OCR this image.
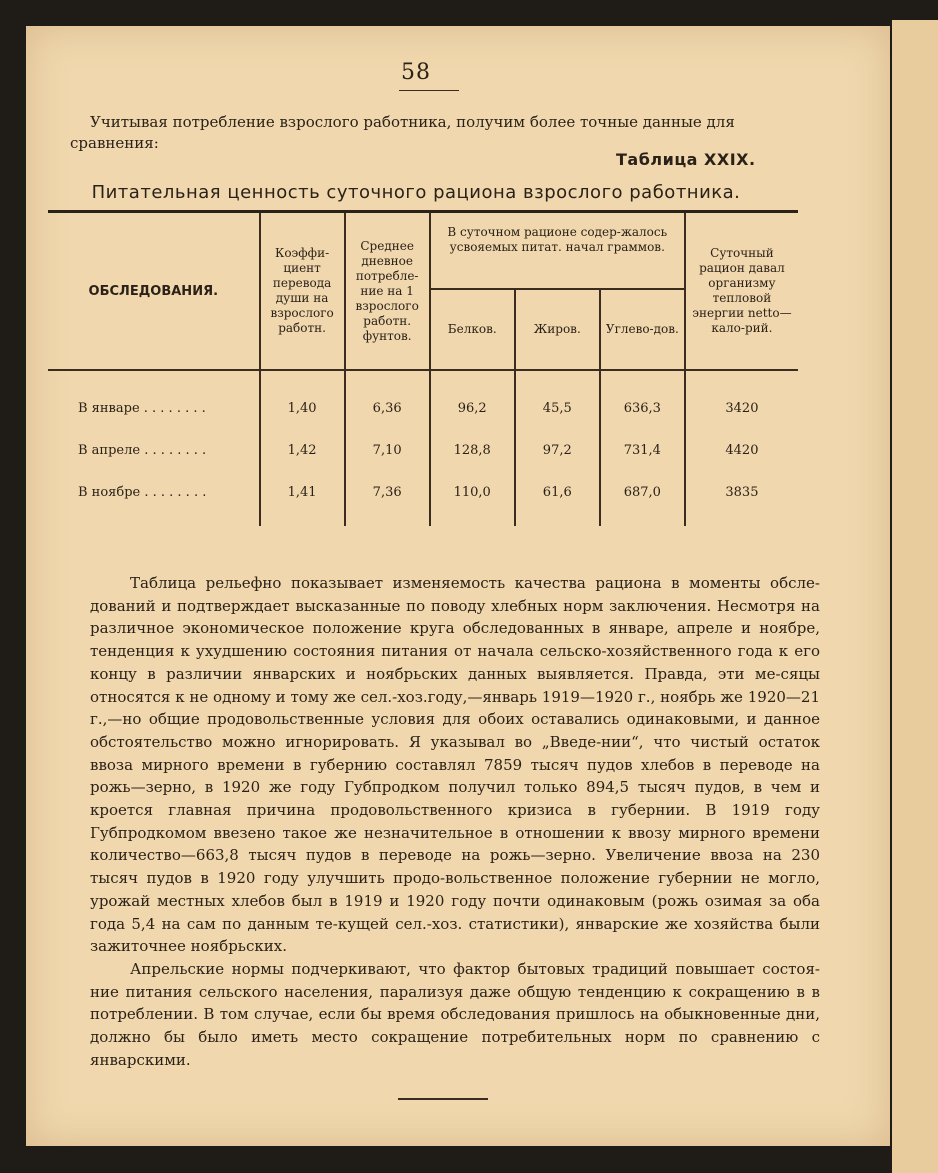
58
Учитывая потребление взрослого работника, получим более точные данные для
сравнения:
Таблица XXIX.
Питательная ценность суточного рациона взрослого работника.
ОБСЛЕДОВАНИЯ.	Коэффи-циент перевода души на взрослого работн.	Среднее дневное потребле-ние на 1 взрослого работн. фунтов.	В суточном рационе содер-жалось усвояемых питат. начал граммов.			Суточный рацион давал организму тепловой энергии netto—кало-рий.
			Белков.	Жиров.	Углево-дов.	

В январе . . . . . . . .	1,40	6,36	96,2	45,5	636,3	3420
В апреле . . . . . . . .	1,42	7,10	128,8	97,2	731,4	4420
В ноябре . . . . . . . .	1,41	7,36	110,0	61,6	687,0	3835

Таблица рельефно показывает изменяемость качества рациона в моменты обсле-дований и подтверждает высказанные по поводу хлебных норм заключения. Несмотря на различное экономическое положение круга обследованных в январе, апреле и ноябре, тенденция к ухудшению состояния питания от начала сельско-хозяйственного года к его концу в различии январских и ноябрьских данных выявляется. Правда, эти ме-сяцы относятся к не одному и тому же сел.-хоз.году,—январь 1919—1920 г., ноябрь же 1920—21 г.,—но общие продовольственные условия для обоих оставались одинаковыми, и данное обстоятельство можно игнорировать. Я указывал во „Введе-нии“, что чистый остаток ввоза мирного времени в губернию составлял 7859 тысяч пудов хлебов в переводе на рожь—зерно, в 1920 же году Губпродком получил только 894,5 тысяч пудов, в чем и кроется главная причина продовольственного кризиса в губернии. В 1919 году Губпродкомом ввезено такое же незначительное в отношении к ввозу мирного времени количество—663,8 тысяч пудов в переводе на рожь—зерно. Увеличение ввоза на 230 тысяч пудов в 1920 году улучшить продо-вольственное положение губернии не могло, урожай местных хлебов был в 1919 и 1920 году почти одинаковым (рожь озимая за оба года 5,4 на сам по данным те-кущей сел.-хоз. статистики), январские же хозяйства были зажиточнее ноябрьских.

Апрельские нормы подчеркивают, что фактор бытовых традиций повышает состоя-ние питания сельского населения, парализуя даже общую тенденцию к сокращению в в потреблении. В том случае, если бы время обследования пришлось на обыкновенные дни, должно бы было иметь место сокращение потребительных норм по сравнению с январскими.
